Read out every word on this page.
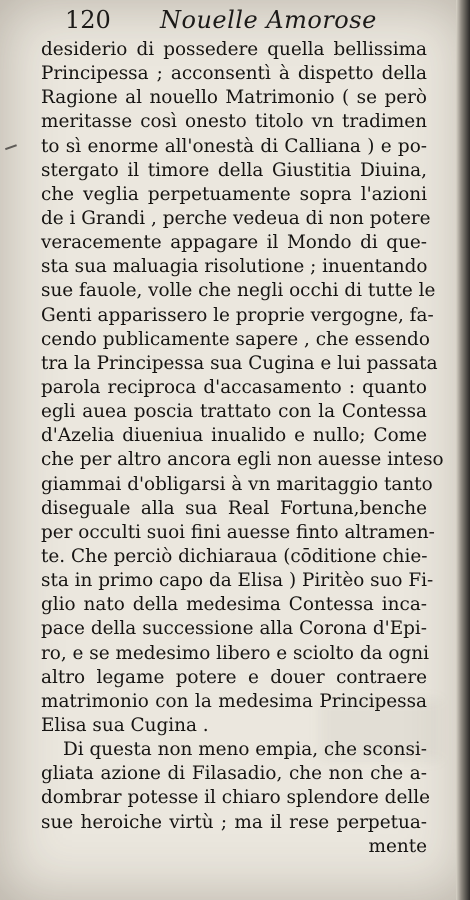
120 Nouelle Amorose
desiderio di possedere quella bellissima
Principessa ; acconsentì à dispetto della
Ragione al nouello Matrimonio ( se però
meritasse così onesto titolo vn tradimen
to sì enorme all'onestà di Calliana ) e po-
stergato il timore della Giustitia Diuina,
che veglia perpetuamente sopra l'azioni
de i Grandi , perche vedeua di non potere
veracemente appagare il Mondo di que-
sta sua maluagia risolutione ; inuentando
sue fauole, volle che negli occhi di tutte le
Genti apparissero le proprie vergogne, fa-
cendo publicamente sapere , che essendo
tra la Principessa sua Cugina e lui passata
parola reciproca d'accasamento : quanto
egli auea poscia trattato con la Contessa
d'Azelia diueniua inualido e nullo; Come
che per altro ancora egli non auesse inteso
giammai d'obligarsi à vn maritaggio tanto
diseguale alla sua Real Fortuna,benche
per occulti suoi fini auesse finto altramen-
te. Che perciò dichiaraua (cōditione chie-
sta in primo capo da Elisa ) Piritèo suo Fi-
glio nato della medesima Contessa inca-
pace della successione alla Corona d'Epi-
ro, e se medesimo libero e sciolto da ogni
altro legame potere e douer contraere
matrimonio con la medesima Principessa
Elisa sua Cugina .
Di questa non meno empia, che sconsi-
gliata azione di Filasadio, che non che a-
dombrar potesse il chiaro splendore delle
sue heroiche virtù ; ma il rese perpetua-
mente
